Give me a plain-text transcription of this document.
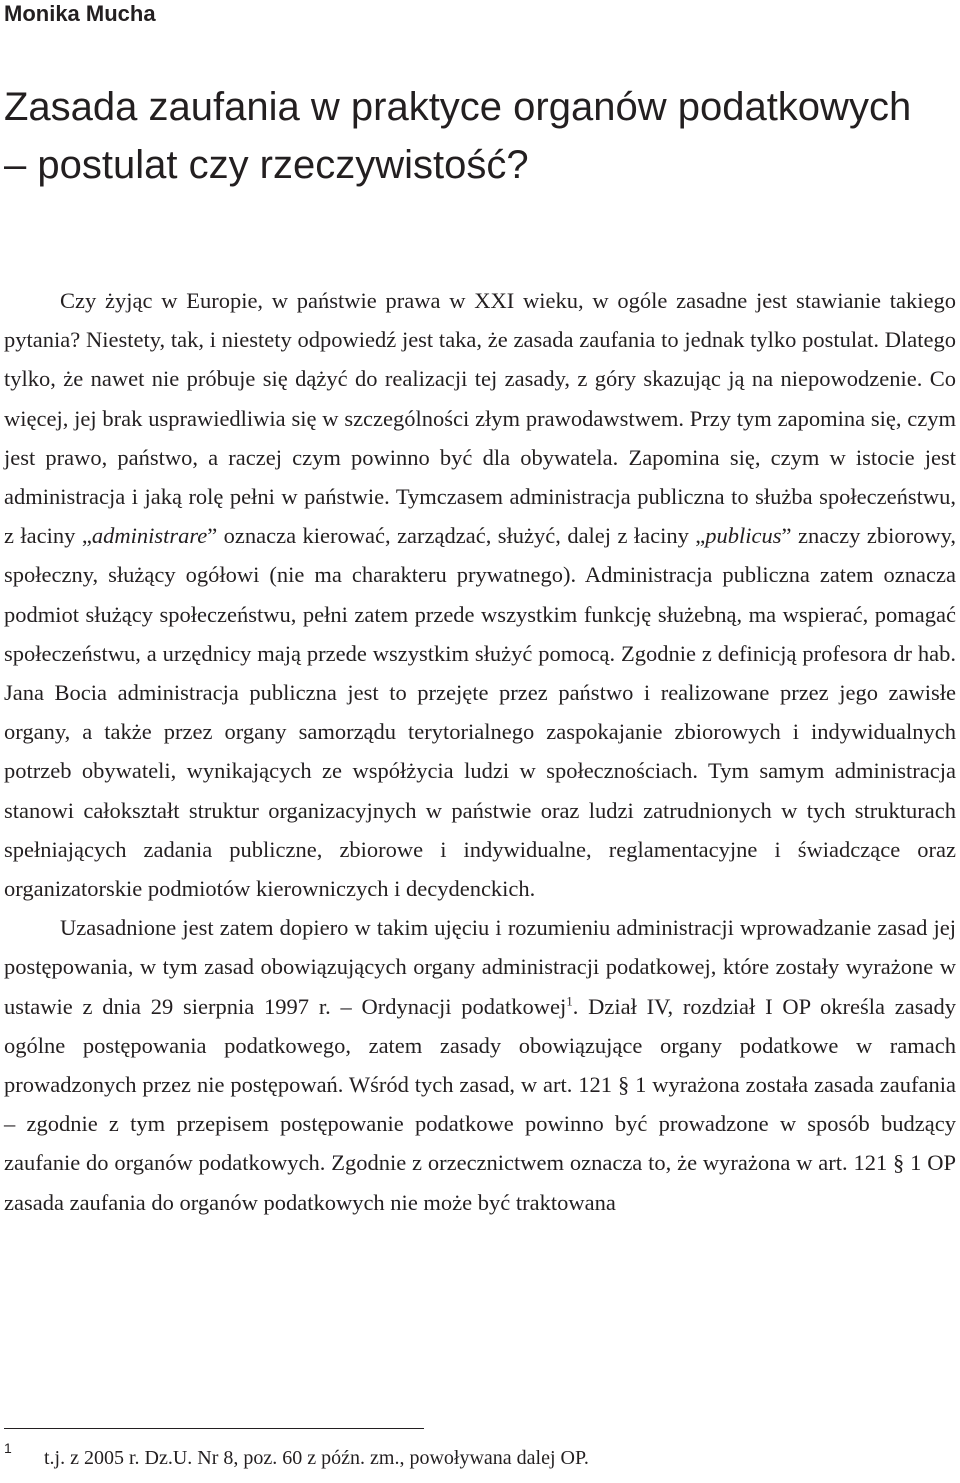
Monika Mucha
Zasada zaufania w praktyce organów podatkowych – postulat czy rzeczywistość?

Czy żyjąc w Europie, w państwie prawa w XXI wieku, w ogóle zasadne jest stawianie takiego pytania? Niestety, tak, i niestety odpowiedź jest taka, że zasada zaufania to jednak tylko postulat. Dlatego tylko, że nawet nie próbuje się dążyć do realizacji tej zasady, z góry skazując ją na niepowodzenie. Co więcej, jej brak usprawiedliwia się w szczególności złym prawodawstwem. Przy tym zapomina się, czym jest prawo, państwo, a raczej czym powinno być dla obywatela. Zapomina się, czym w istocie jest administracja i jaką rolę pełni w państwie. Tymczasem administracja publiczna to służba społeczeństwu, z łaciny „administrare” oznacza kierować, zarządzać, służyć, dalej z łaciny „publicus” znaczy zbiorowy, społeczny, służący ogółowi (nie ma charakteru prywatnego). Administracja publiczna zatem oznacza podmiot służący społeczeństwu, pełni zatem przede wszystkim funkcję służebną, ma wspierać, pomagać społeczeństwu, a urzędnicy mają przede wszystkim służyć pomocą. Zgodnie z definicją profesora dr hab. Jana Bocia administracja publiczna jest to przejęte przez państwo i realizowane przez jego zawisłe organy, a także przez organy samorządu terytorialnego zaspokajanie zbiorowych i indywidualnych potrzeb obywateli, wynikających ze współżycia ludzi w społecznościach. Tym samym administracja stanowi całokształt struktur organizacyjnych w państwie oraz ludzi zatrudnionych w tych strukturach spełniających zadania publiczne, zbiorowe i indywidualne, reglamentacyjne i świadczące oraz organizatorskie podmiotów kierowniczych i decydenckich.

Uzasadnione jest zatem dopiero w takim ujęciu i rozumieniu administracji wprowadzanie zasad jej postępowania, w tym zasad obowiązujących organy administracji podatkowej, które zostały wyrażone w ustawie z dnia 29 sierpnia 1997 r. – Ordynacji podatkowej$^1$. Dział IV, rozdział I OP określa zasady ogólne postępowania podatkowego, zatem zasady obowiązujące organy podatkowe w ramach prowadzonych przez nie postępowań. Wśród tych zasad, w art. 121 § 1 wyrażona została zasada zaufania – zgodnie z tym przepisem postępowanie podatkowe powinno być prowadzone w sposób budzący zaufanie do organów podatkowych. Zgodnie z orzecznictwem oznacza to, że wyrażona w art. 121 § 1 OP zasada zaufania do organów podatkowych nie może być traktowana

1 t.j. z 2005 r. Dz.U. Nr 8, poz. 60 z późn. zm., powoływana dalej OP.
